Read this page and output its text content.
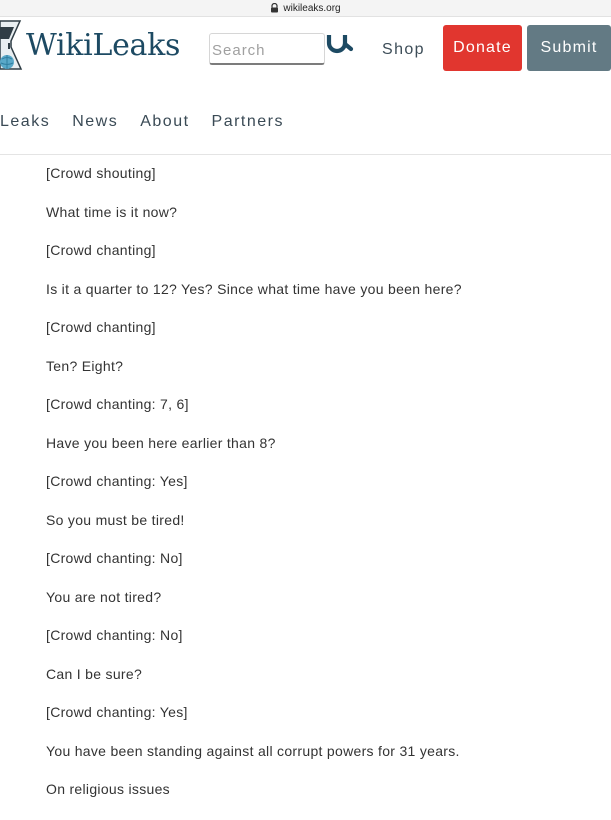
wikileaks.org
WikiLeaks
Search	Shop	Donate	Submit
Leaks News About Partners

[Crowd shouting]

What time is it now?

[Crowd chanting]

Is it a quarter to 12? Yes? Since what time have you been here?

[Crowd chanting]

Ten? Eight?

[Crowd chanting: 7, 6]

Have you been here earlier than 8?

[Crowd chanting: Yes]

So you must be tired!

[Crowd chanting: No]

You are not tired?

[Crowd chanting: No]

Can I be sure?

[Crowd chanting: Yes]

You have been standing against all corrupt powers for 31 years.

On religious issues
